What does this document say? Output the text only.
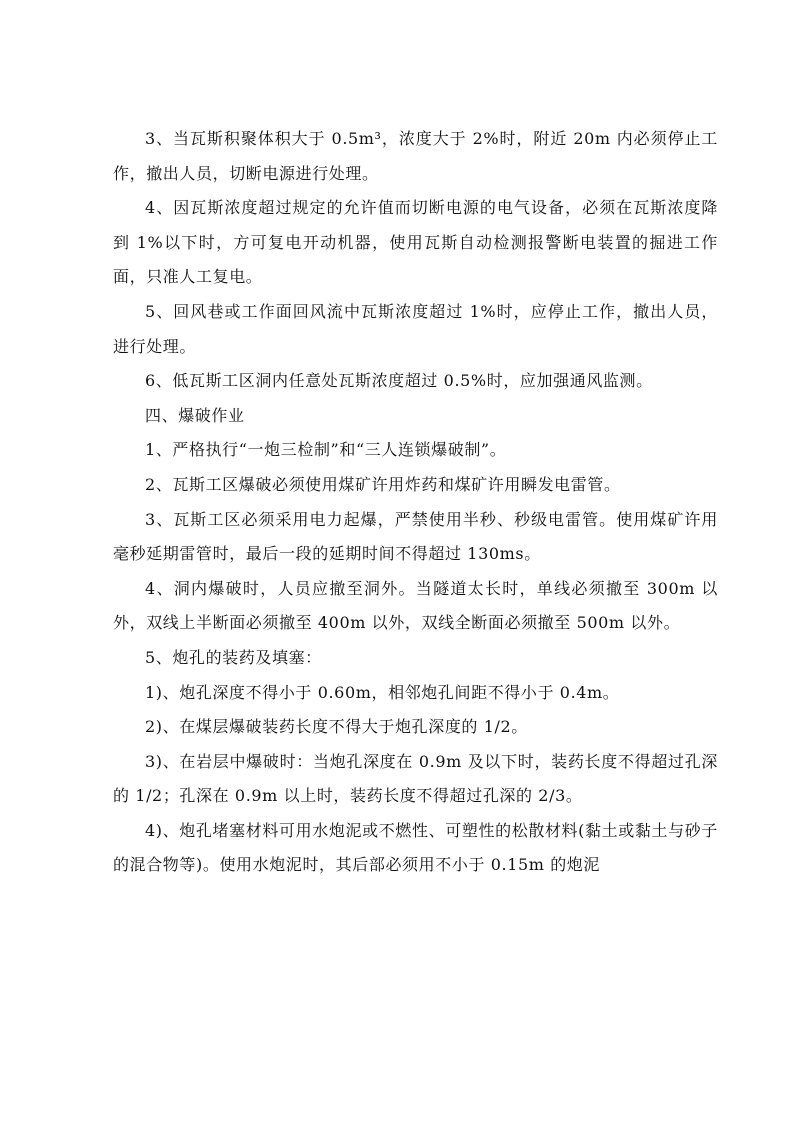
3、当瓦斯积聚体积大于 0.5m³，浓度大于 2%时，附近 20m 内必须停止工作，撤出人员，切断电源进行处理。

4、因瓦斯浓度超过规定的允许值而切断电源的电气设备，必须在瓦斯浓度降到 1%以下时，方可复电开动机器，使用瓦斯自动检测报警断电装置的掘进工作面，只准人工复电。

5、回风巷或工作面回风流中瓦斯浓度超过 1%时，应停止工作，撤出人员，进行处理。

6、低瓦斯工区洞内任意处瓦斯浓度超过 0.5%时，应加强通风监测。

四、爆破作业

1、严格执行“一炮三检制”和“三人连锁爆破制”。

2、瓦斯工区爆破必须使用煤矿许用炸药和煤矿许用瞬发电雷管。

3、瓦斯工区必须采用电力起爆，严禁使用半秒、秒级电雷管。使用煤矿许用毫秒延期雷管时，最后一段的延期时间不得超过 130ms。

4、洞内爆破时，人员应撤至洞外。当隧道太长时，单线必须撤至 300m 以外，双线上半断面必须撤至 400m 以外，双线全断面必须撤至 500m 以外。

5、炮孔的装药及填塞：

1)、炮孔深度不得小于 0.60m，相邻炮孔间距不得小于 0.4m。

2)、在煤层爆破装药长度不得大于炮孔深度的 1/2。

3)、在岩层中爆破时：当炮孔深度在 0.9m 及以下时，装药长度不得超过孔深的 1/2；孔深在 0.9m 以上时，装药长度不得超过孔深的 2/3。

4)、炮孔堵塞材料可用水炮泥或不燃性、可塑性的松散材料(黏土或黏土与砂子的混合物等)。使用水炮泥时，其后部必须用不小于 0.15m 的炮泥
